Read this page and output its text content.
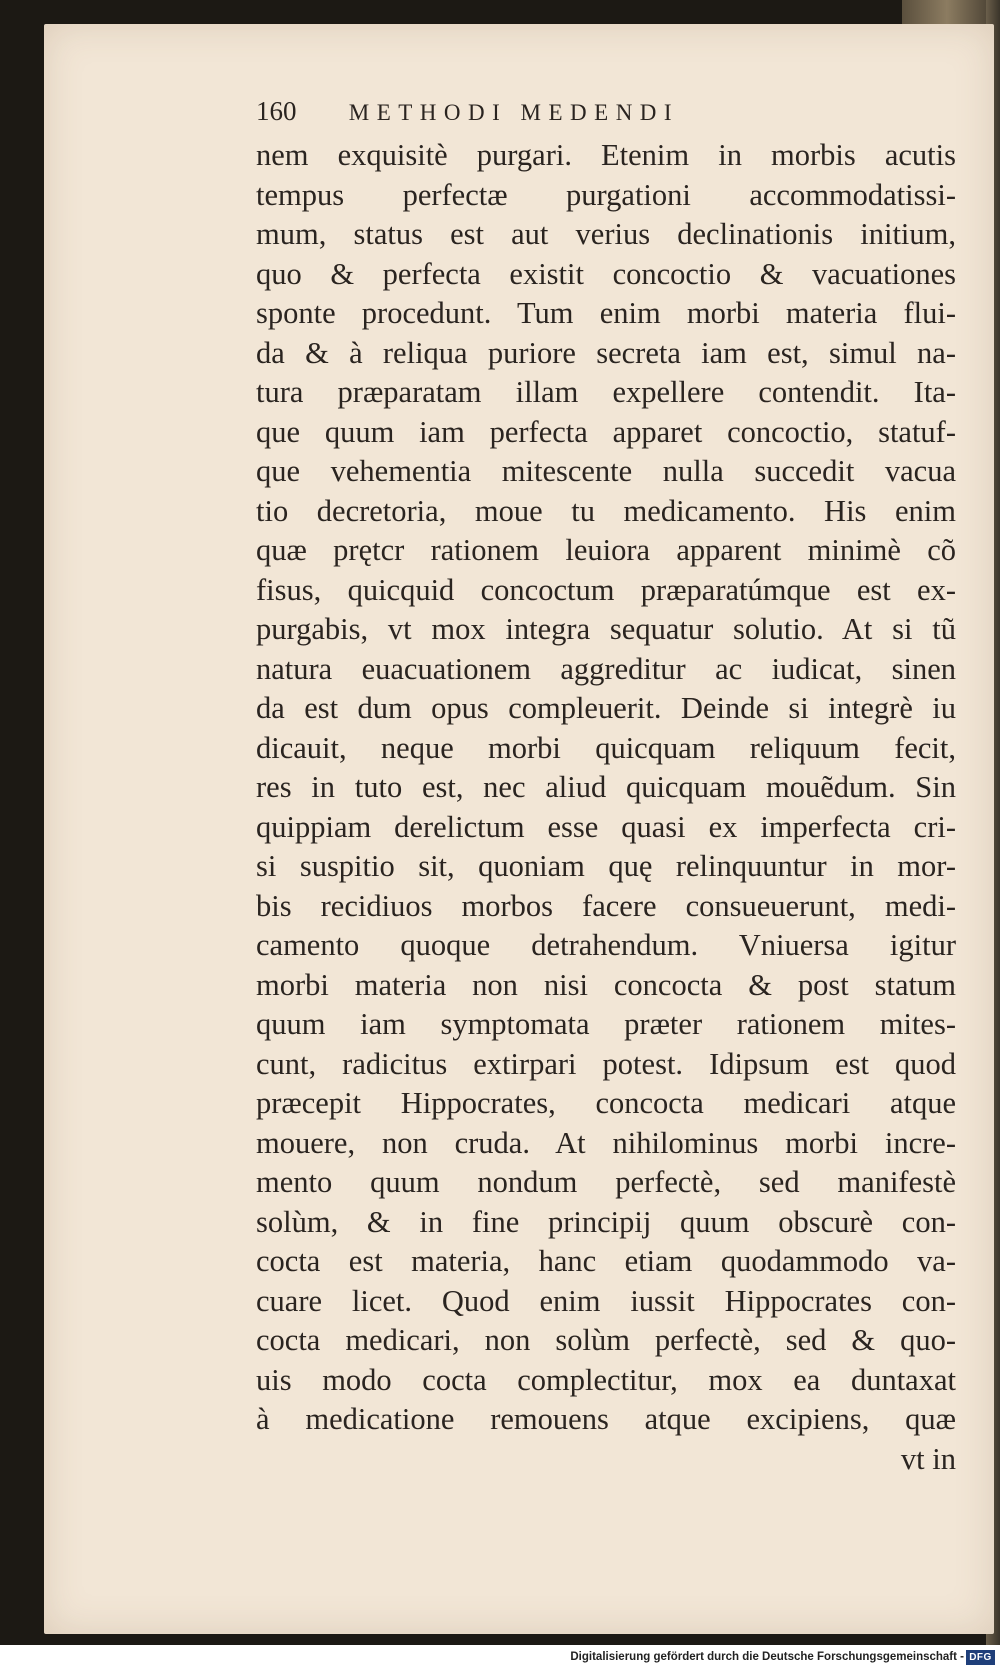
160 METHODI MEDENDI
nem exquisitè purgari. Etenim in morbis acutis
tempus perfectæ purgationi accommodatissi-
mum, status est aut verius declinationis initium,
quo & perfecta existit concoctio & vacuationes
sponte procedunt. Tum enim morbi materia flui-
da & à reliqua puriore secreta iam est, simul na-
tura præparatam illam expellere contendit. Ita-
que quum iam perfecta apparet concoctio, statuf-
que vehementia mitescente nulla succedit vacua
tio decretoria, moue tu medicamento. His enim
quæ prętcr rationem leuiora apparent minimè cõ
fisus, quicquid concoctum præparatúmque est ex-
purgabis, vt mox integra sequatur solutio. At si tũ
natura euacuationem aggreditur ac iudicat, sinen
da est dum opus compleuerit. Deinde si integrè iu
dicauit, neque morbi quicquam reliquum fecit,
res in tuto est, nec aliud quicquam mouẽdum. Sin
quippiam derelictum esse quasi ex imperfecta cri-
si suspitio sit, quoniam quę relinquuntur in mor-
bis recidiuos morbos facere consueuerunt, medi-
camento quoque detrahendum. Vniuersa igitur
morbi materia non nisi concocta & post statum
quum iam symptomata præter rationem mites-
cunt, radicitus extirpari potest. Idipsum est quod
præcepit Hippocrates, concocta medicari atque
mouere, non cruda. At nihilominus morbi incre-
mento quum nondum perfectè, sed manifestè
solùm, & in fine principij quum obscurè con-
cocta est materia, hanc etiam quodammodo va-
cuare licet. Quod enim iussit Hippocrates con-
cocta medicari, non solùm perfectè, sed & quo-
uis modo cocta complectitur, mox ea duntaxat
à medicatione remouens atque excipiens, quæ
vt in
Digitalisierung gefördert durch die Deutsche Forschungsgemeinschaft - DFG
